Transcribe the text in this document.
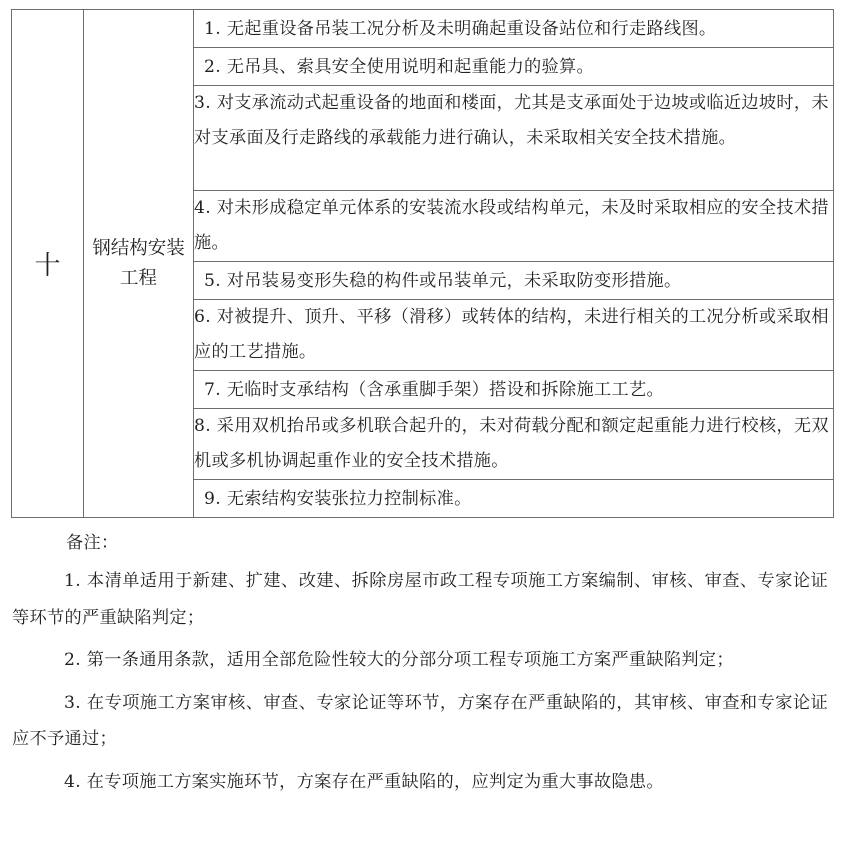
十	钢结构安装工程	1. 无起重设备吊装工况分析及未明确起重设备站位和行走路线图。
2. 无吊具、索具安全使用说明和起重能力的验算。
3. 对支承流动式起重设备的地面和楼面，尤其是支承面处于边坡或临近边坡时，未对支承面及行走路线的承载能力进行确认，未采取相关安全技术措施。
4. 对未形成稳定单元体系的安装流水段或结构单元，未及时采取相应的安全技术措施。
5. 对吊装易变形失稳的构件或吊装单元，未采取防变形措施。
6. 对被提升、顶升、平移（滑移）或转体的结构，未进行相关的工况分析或采取相应的工艺措施。
7. 无临时支承结构（含承重脚手架）搭设和拆除施工工艺。
8. 采用双机抬吊或多机联合起升的，未对荷载分配和额定起重能力进行校核，无双机或多机协调起重作业的安全技术措施。
9. 无索结构安装张拉力控制标准。
备注：
1. 本清单适用于新建、扩建、改建、拆除房屋市政工程专项施工方案编制、审核、审查、专家论证等环节的严重缺陷判定；
2. 第一条通用条款，适用全部危险性较大的分部分项工程专项施工方案严重缺陷判定；
3. 在专项施工方案审核、审查、专家论证等环节，方案存在严重缺陷的，其审核、审查和专家论证应不予通过；
4. 在专项施工方案实施环节，方案存在严重缺陷的，应判定为重大事故隐患。
